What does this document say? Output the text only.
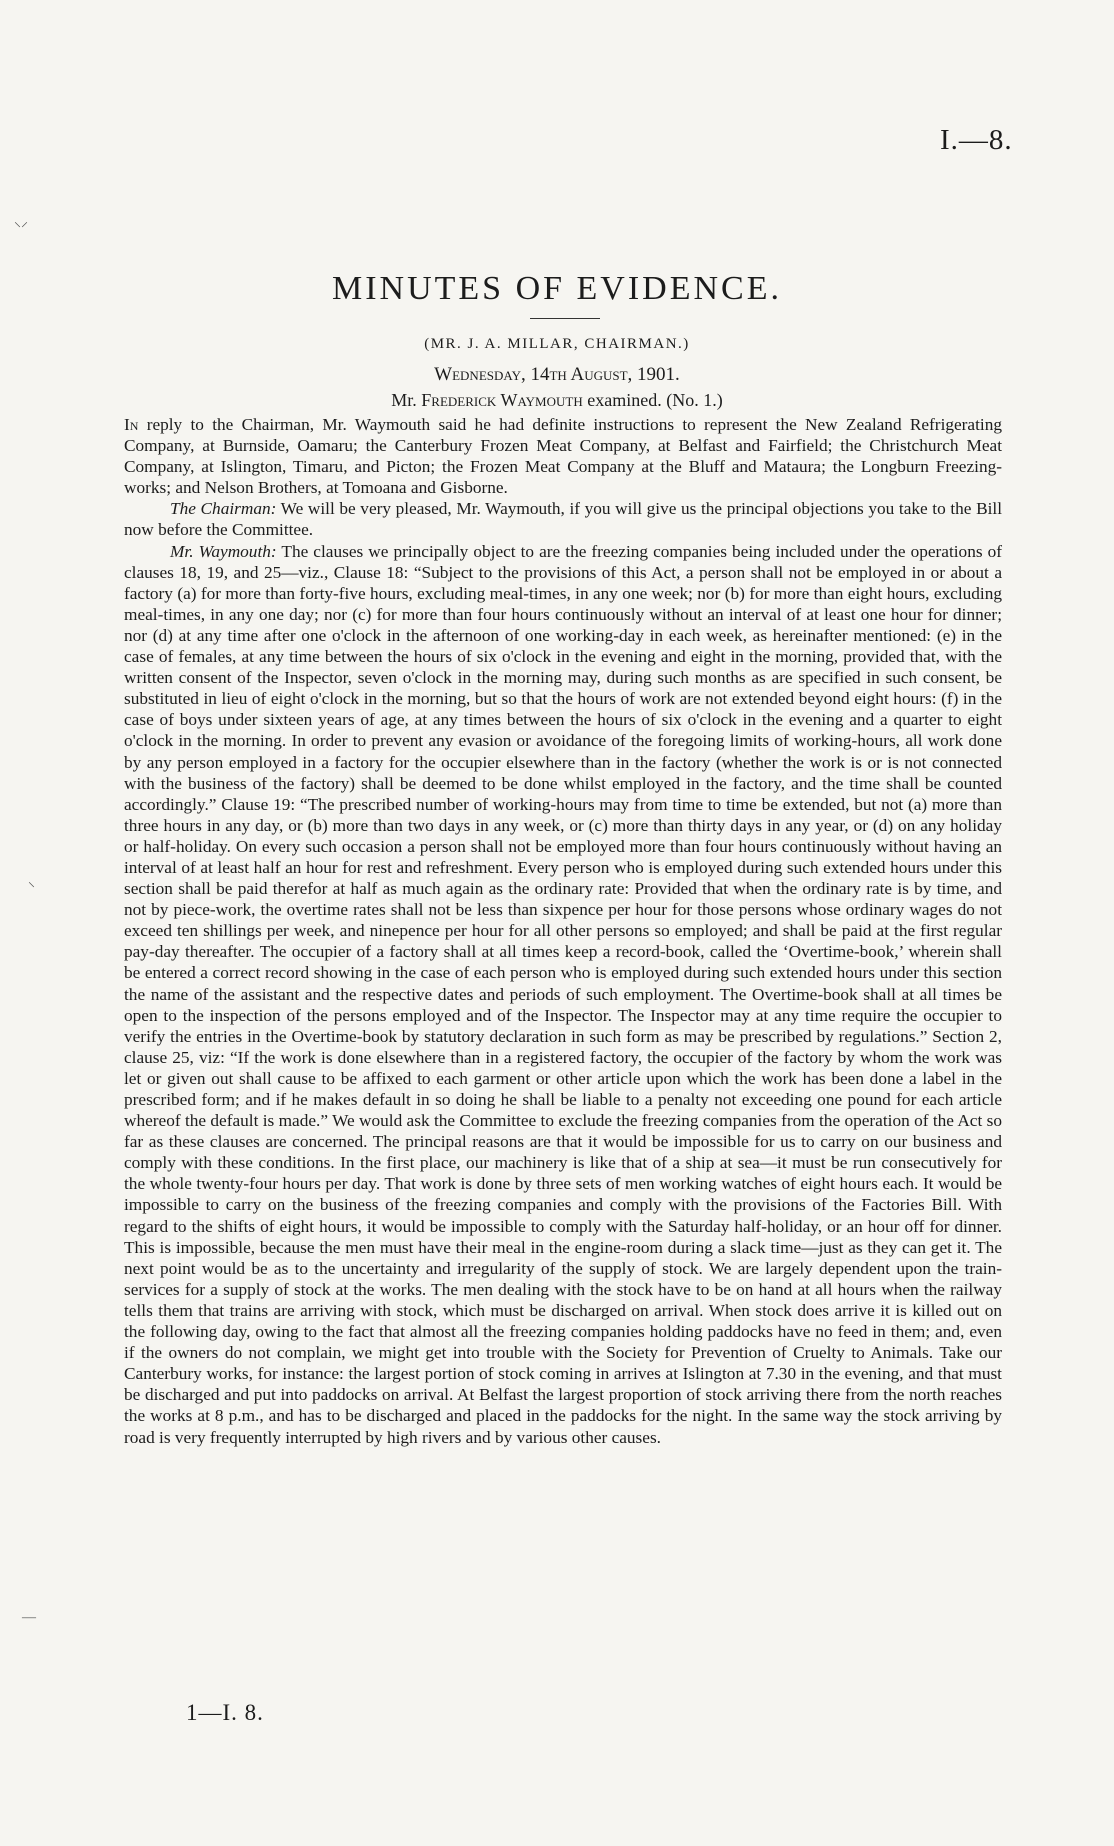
I.—8.
⸌⸍
⸌
—
MINUTES OF EVIDENCE.
(MR. J. A. MILLAR, CHAIRMAN.)
Wednesday, 14th August, 1901.
Mr. Frederick Waymouth examined. (No. 1.)

In reply to the Chairman, Mr. Waymouth said he had definite instructions to represent the New Zealand Refrigerating Company, at Burnside, Oamaru; the Canterbury Frozen Meat Company, at Belfast and Fairfield; the Christchurch Meat Company, at Islington, Timaru, and Picton; the Frozen Meat Company at the Bluff and Mataura; the Longburn Freezing-works; and Nelson Brothers, at Tomoana and Gisborne.

The Chairman: We will be very pleased, Mr. Waymouth, if you will give us the principal objections you take to the Bill now before the Committee.

Mr. Waymouth: The clauses we principally object to are the freezing companies being included under the operations of clauses 18, 19, and 25—viz., Clause 18: “Subject to the provisions of this Act, a person shall not be employed in or about a factory (a) for more than forty-five hours, excluding meal-times, in any one week; nor (b) for more than eight hours, excluding meal-times, in any one day; nor (c) for more than four hours continuously without an interval of at least one hour for dinner; nor (d) at any time after one o'clock in the afternoon of one working-day in each week, as hereinafter mentioned: (e) in the case of females, at any time between the hours of six o'clock in the evening and eight in the morning, provided that, with the written consent of the Inspector, seven o'clock in the morning may, during such months as are specified in such consent, be substituted in lieu of eight o'clock in the morning, but so that the hours of work are not extended beyond eight hours: (f) in the case of boys under sixteen years of age, at any times between the hours of six o'clock in the evening and a quarter to eight o'clock in the morning. In order to prevent any evasion or avoidance of the foregoing limits of working-hours, all work done by any person employed in a factory for the occupier elsewhere than in the factory (whether the work is or is not connected with the business of the factory) shall be deemed to be done whilst employed in the factory, and the time shall be counted accordingly.” Clause 19: “The prescribed number of working-hours may from time to time be extended, but not (a) more than three hours in any day, or (b) more than two days in any week, or (c) more than thirty days in any year, or (d) on any holiday or half-holiday. On every such occasion a person shall not be employed more than four hours continuously without having an interval of at least half an hour for rest and refreshment. Every person who is employed during such extended hours under this section shall be paid therefor at half as much again as the ordinary rate: Provided that when the ordinary rate is by time, and not by piece-work, the overtime rates shall not be less than sixpence per hour for those persons whose ordinary wages do not exceed ten shillings per week, and ninepence per hour for all other persons so employed; and shall be paid at the first regular pay-day thereafter. The occupier of a factory shall at all times keep a record-book, called the ‘Overtime-book,’ wherein shall be entered a correct record showing in the case of each person who is employed during such extended hours under this section the name of the assistant and the respective dates and periods of such employment. The Overtime-book shall at all times be open to the inspection of the persons employed and of the Inspector. The Inspector may at any time require the occupier to verify the entries in the Overtime-book by statutory declaration in such form as may be prescribed by regulations.” Section 2, clause 25, viz: “If the work is done elsewhere than in a registered factory, the occupier of the factory by whom the work was let or given out shall cause to be affixed to each garment or other article upon which the work has been done a label in the prescribed form; and if he makes default in so doing he shall be liable to a penalty not exceeding one pound for each article whereof the default is made.” We would ask the Committee to exclude the freezing companies from the operation of the Act so far as these clauses are concerned. The principal reasons are that it would be impossible for us to carry on our business and comply with these conditions. In the first place, our machinery is like that of a ship at sea—it must be run consecutively for the whole twenty-four hours per day. That work is done by three sets of men working watches of eight hours each. It would be impossible to carry on the business of the freezing companies and comply with the provisions of the Factories Bill. With regard to the shifts of eight hours, it would be impossible to comply with the Saturday half-holiday, or an hour off for dinner. This is impossible, because the men must have their meal in the engine-room during a slack time—just as they can get it. The next point would be as to the uncertainty and irregularity of the supply of stock. We are largely dependent upon the train-services for a supply of stock at the works. The men dealing with the stock have to be on hand at all hours when the railway tells them that trains are arriving with stock, which must be discharged on arrival. When stock does arrive it is killed out on the following day, owing to the fact that almost all the freezing companies holding paddocks have no feed in them; and, even if the owners do not complain, we might get into trouble with the Society for Prevention of Cruelty to Animals. Take our Canterbury works, for instance: the largest portion of stock coming in arrives at Islington at 7.30 in the evening, and that must be discharged and put into paddocks on arrival. At Belfast the largest proportion of stock arriving there from the north reaches the works at 8 p.m., and has to be discharged and placed in the paddocks for the night. In the same way the stock arriving by road is very frequently interrupted by high rivers and by various other causes.

1—I. 8.
